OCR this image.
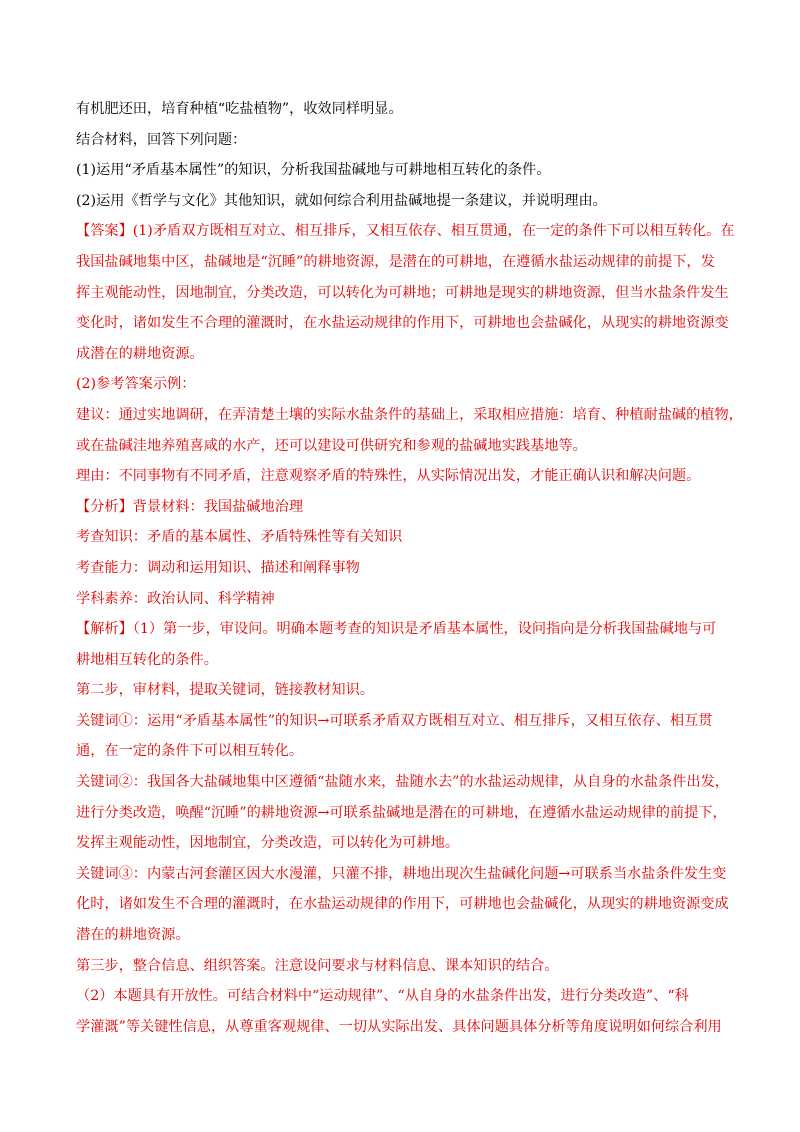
有机肥还田，培育种植“吃盐植物”，收效同样明显。
结合材料，回答下列问题：
(1)运用“矛盾基本属性”的知识，分析我国盐碱地与可耕地相互转化的条件。
(2)运用《哲学与文化》其他知识，就如何综合利用盐碱地提一条建议，并说明理由。
【答案】(1)矛盾双方既相互对立、相互排斥，又相互依存、相互贯通，在一定的条件下可以相互转化。在
我国盐碱地集中区，盐碱地是“沉睡”的耕地资源，是潜在的可耕地，在遵循水盐运动规律的前提下，发
挥主观能动性，因地制宜，分类改造，可以转化为可耕地；可耕地是现实的耕地资源，但当水盐条件发生
变化时，诸如发生不合理的灌溉时，在水盐运动规律的作用下，可耕地也会盐碱化，从现实的耕地资源变
成潜在的耕地资源。
(2)参考答案示例：
建议：通过实地调研，在弄清楚土壤的实际水盐条件的基础上，采取相应措施：培育、种植耐盐碱的植物，
或在盐碱洼地养殖喜咸的水产，还可以建设可供研究和参观的盐碱地实践基地等。
理由：不同事物有不同矛盾，注意观察矛盾的特殊性，从实际情况出发，才能正确认识和解决问题。
【分析】背景材料：我国盐碱地治理
考查知识：矛盾的基本属性、矛盾特殊性等有关知识
考查能力：调动和运用知识、描述和阐释事物
学科素养：政治认同、科学精神
【解析】（1）第一步，审设问。明确本题考查的知识是矛盾基本属性，设问指向是分析我国盐碱地与可
耕地相互转化的条件。
第二步，审材料，提取关键词，链接教材知识。
关键词①：运用“矛盾基本属性”的知识→可联系矛盾双方既相互对立、相互排斥，又相互依存、相互贯
通，在一定的条件下可以相互转化。
关键词②：我国各大盐碱地集中区遵循“盐随水来，盐随水去”的水盐运动规律，从自身的水盐条件出发，
进行分类改造，唤醒“沉睡”的耕地资源→可联系盐碱地是潜在的可耕地，在遵循水盐运动规律的前提下，
发挥主观能动性，因地制宜，分类改造，可以转化为可耕地。
关键词③：内蒙古河套灌区因大水漫灌，只灌不排，耕地出现次生盐碱化问题→可联系当水盐条件发生变
化时，诸如发生不合理的灌溉时，在水盐运动规律的作用下，可耕地也会盐碱化，从现实的耕地资源变成
潜在的耕地资源。
第三步，整合信息、组织答案。注意设问要求与材料信息、课本知识的结合。
（2）本题具有开放性。可结合材料中“运动规律”、“从自身的水盐条件出发，进行分类改造”、“科
学灌溉”等关键性信息，从尊重客观规律、一切从实际出发、具体问题具体分析等角度说明如何综合利用
